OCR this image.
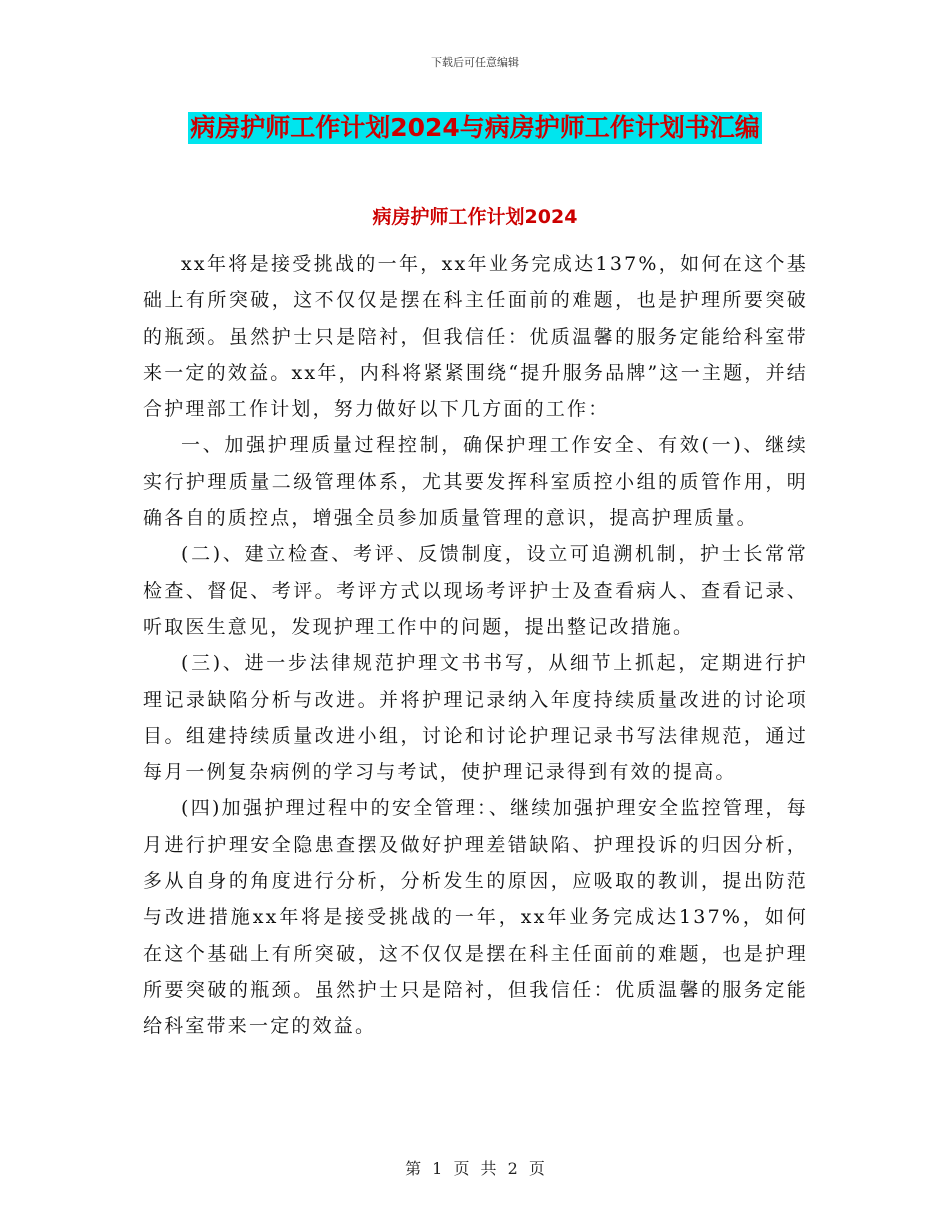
下载后可任意编辑
病房护师工作计划2024与病房护师工作计划书汇编
病房护师工作计划2024

xx年将是接受挑战的一年，xx年业务完成达137%，如何在这个基础上有所突破，这不仅仅是摆在科主任面前的难题，也是护理所要突破的瓶颈。虽然护士只是陪衬，但我信任：优质温馨的服务定能给科室带来一定的效益。xx年，内科将紧紧围绕“提升服务品牌”这一主题，并结合护理部工作计划，努力做好以下几方面的工作：

一、加强护理质量过程控制，确保护理工作安全、有效(一)、继续实行护理质量二级管理体系，尤其要发挥科室质控小组的质管作用，明确各自的质控点，增强全员参加质量管理的意识，提高护理质量。

(二)、建立检查、考评、反馈制度，设立可追溯机制，护士长常常检查、督促、考评。考评方式以现场考评护士及查看病人、查看记录、听取医生意见，发现护理工作中的问题，提出整记改措施。

(三)、进一步法律规范护理文书书写，从细节上抓起，定期进行护理记录缺陷分析与改进。并将护理记录纳入年度持续质量改进的讨论项目。组建持续质量改进小组，讨论和讨论护理记录书写法律规范，通过每月一例复杂病例的学习与考试，使护理记录得到有效的提高。

(四)加强护理过程中的安全管理：、继续加强护理安全监控管理，每月进行护理安全隐患查摆及做好护理差错缺陷、护理投诉的归因分析，多从自身的角度进行分析，分析发生的原因，应吸取的教训，提出防范与改进措施xx年将是接受挑战的一年，xx年业务完成达137%，如何在这个基础上有所突破，这不仅仅是摆在科主任面前的难题，也是护理所要突破的瓶颈。虽然护士只是陪衬，但我信任：优质温馨的服务定能给科室带来一定的效益。

第 1 页 共 2 页
